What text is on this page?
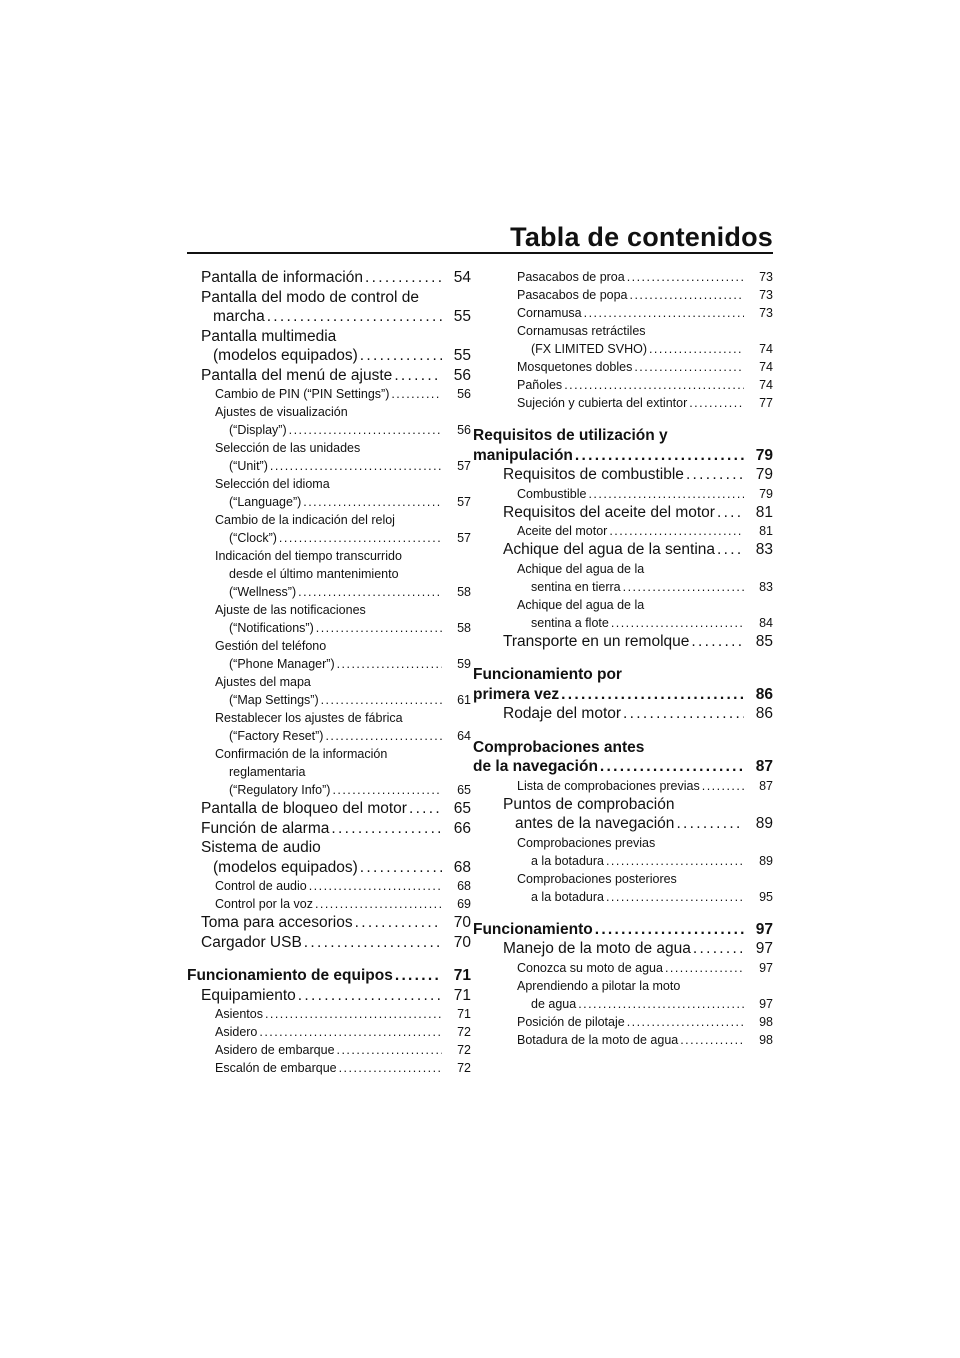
Tabla de contenidos
Pantalla de información . . .	54
Pantalla del modo de control de
marcha . . .	55
Pantalla multimedia
(modelos equipados) . . .	55
Pantalla del menú de ajuste . . .	56
Cambio de PIN (“PIN Settings”) . . .	56
Ajustes de visualización
(“Display”) . . .	56
Selección de las unidades
(“Unit”) . . .	57
Selección del idioma
(“Language”) . . .	57
Cambio de la indicación del reloj
(“Clock”) . . .	57
Indicación del tiempo transcurrido
desde el último mantenimiento
(“Wellness”) . . .	58
Ajuste de las notificaciones
(“Notifications”) . . .	58
Gestión del teléfono
(“Phone Manager”) . . .	59
Ajustes del mapa
(“Map Settings”) . . .	61
Restablecer los ajustes de fábrica
(“Factory Reset”) . . .	64
Confirmación de la información
reglamentaria
(“Regulatory Info”) . . .	65
Pantalla de bloqueo del motor . . .	65
Función de alarma . . .	66
Sistema de audio
(modelos equipados) . . .	68
Control de audio . . .	68
Control por la voz . . .	69
Toma para accesorios . . .	70
Cargador USB . . .	70
Funcionamiento de equipos . . .	71
Equipamiento . . .	71
Asientos . . .	71
Asidero . . .	72
Asidero de embarque . . .	72
Escalón de embarque . . .	72
Pasacabos de proa . . .	73
Pasacabos de popa . . .	73
Cornamusa . . .	73
Cornamusas retráctiles
(FX LIMITED SVHO) . . .	74
Mosquetones dobles . . .	74
Pañoles . . .	74
Sujeción y cubierta del extintor . . .	77
Requisitos de utilización y
manipulación . . .	79
Requisitos de combustible . . .	79
Combustible . . .	79
Requisitos del aceite del motor . . .	81
Aceite del motor . . .	81
Achique del agua de la sentina . . .	83
Achique del agua de la
sentina en tierra . . .	83
Achique del agua de la
sentina a flote . . .	84
Transporte en un remolque . . .	85
Funcionamiento por
primera vez . . .	86
Rodaje del motor . . .	86
Comprobaciones antes
de la navegación . . .	87
Lista de comprobaciones previas . . .	87
Puntos de comprobación
antes de la navegación . . .	89
Comprobaciones previas
a la botadura . . .	89
Comprobaciones posteriores
a la botadura . . .	95
Funcionamiento . . .	97
Manejo de la moto de agua . . .	97
Conozca su moto de agua . . .	97
Aprendiendo a pilotar la moto
de agua . . .	97
Posición de pilotaje . . .	98
Botadura de la moto de agua . . .	98
